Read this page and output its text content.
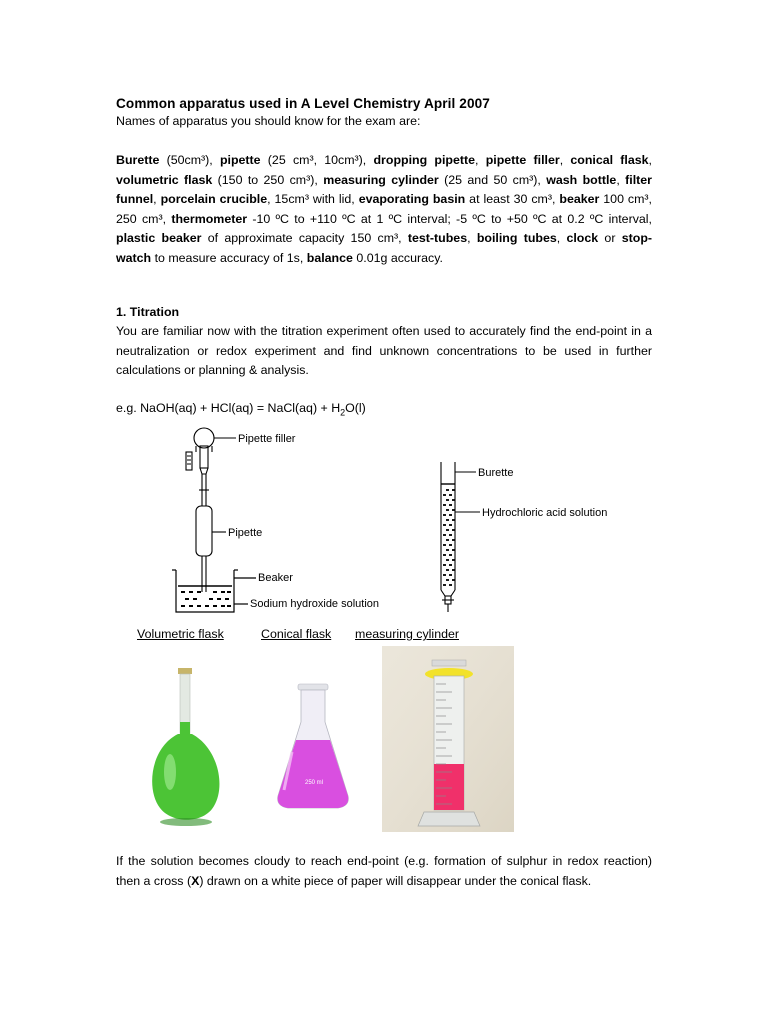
Common apparatus used in A Level Chemistry April 2007
Names of apparatus you should know for the exam are:
Burette (50cm³), pipette (25 cm³, 10cm³), dropping pipette, pipette filler, conical flask, volumetric flask (150 to 250 cm³), measuring cylinder (25 and 50 cm³), wash bottle, filter funnel, porcelain crucible, 15cm³ with lid, evaporating basin at least 30 cm³, beaker 100 cm³, 250 cm³, thermometer -10 ºC to +110 ºC at 1 ºC interval; -5 ºC to +50 ºC at 0.2 ºC interval, plastic beaker of approximate capacity 150 cm³, test-tubes, boiling tubes, clock or stop-watch to measure accuracy of 1s, balance 0.01g accuracy.
1. Titration
You are familiar now with the titration experiment often used to accurately find the end-point in a neutralization or redox experiment and find unknown concentrations to be used in further calculations or planning & analysis.
e.g. NaOH(aq) + HCl(aq) = NaCl(aq) + $H_2O(l)$
Pipette filler
Pipette
Beaker
Sodium hydroxide solution
Burette
Hydrochloric acid solution
250 ml
Volumetric flask	Conical flask measuring cylinder
If the solution becomes cloudy to reach end-point (e.g. formation of sulphur in redox reaction) then a cross (X) drawn on a white piece of paper will disappear under the conical flask.
